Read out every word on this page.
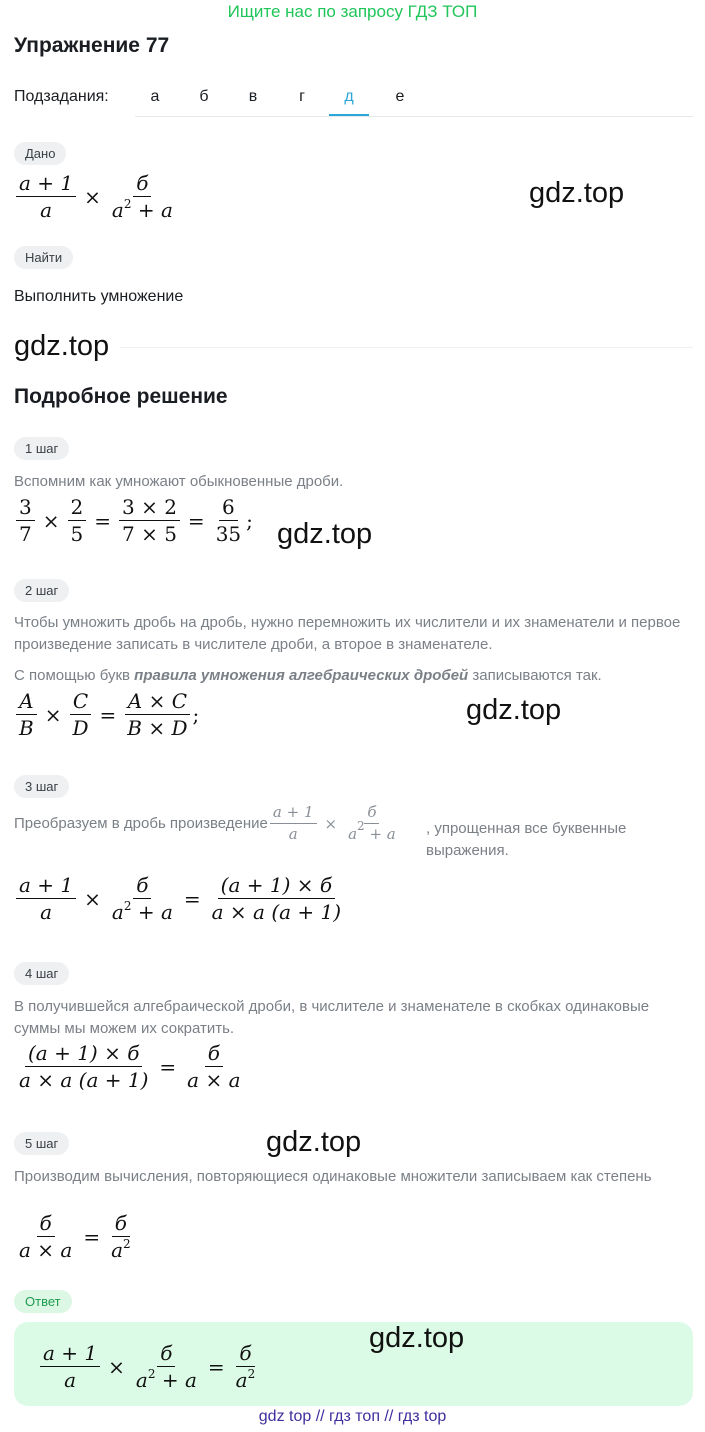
Ищите нас по запросу ГДЗ ТОП
Упражнение 77
Подзадания:	а	б	в	г	д	е
Дано
$\frac{a + 1}{a} \times \frac{б}{a^2 + a}$	gdz.top
Найти
Выполнить умножение
gdz.top
Подробное решение
1 шаг
Вспомним как умножают обыкновенные дроби.
$\frac{3}{7} \times \frac{2}{5} = \frac{3 \times 2}{7 \times 5} = \frac{6}{35}$ ; gdz.top
2 шаг
Чтобы умножить дробь на дробь, нужно перемножить их числители и их знаменатели и первое произведение записать в числителе дроби, а второе в знаменателе.
С помощью букв правила умножения алгебраических дробей записываются так.
$\frac{A}{B} \times \frac{C}{D} = \frac{A \times C}{B \times D}$ ;	gdz.top
3 шаг
Преобразуем в дробь произведение $\frac{a + 1}{a} \times \frac{б}{a^2 + a}$ , упрощенная все буквенные выражения.
$\frac{a + 1}{a} \times \frac{б}{a^2 + a} = \frac{(a + 1) \times б}{a \times a (a + 1)}$
4 шаг
В получившейся алгебраической дроби, в числителе и знаменателе в скобках одинаковые суммы мы можем их сократить.
$\frac{(a + 1) \times б}{a \times a (a + 1)} = \frac{б}{a \times a}$
5 шаг	gdz.top
Производим вычисления, повторяющиеся одинаковые множители записываем как степень
$\frac{б}{a \times a} = \frac{б}{a^2}$
Ответ
gdz.top
$\frac{a + 1}{a} \times \frac{б}{a^2 + a} = \frac{б}{a^2}$
gdz top // гдз топ // гдз top
